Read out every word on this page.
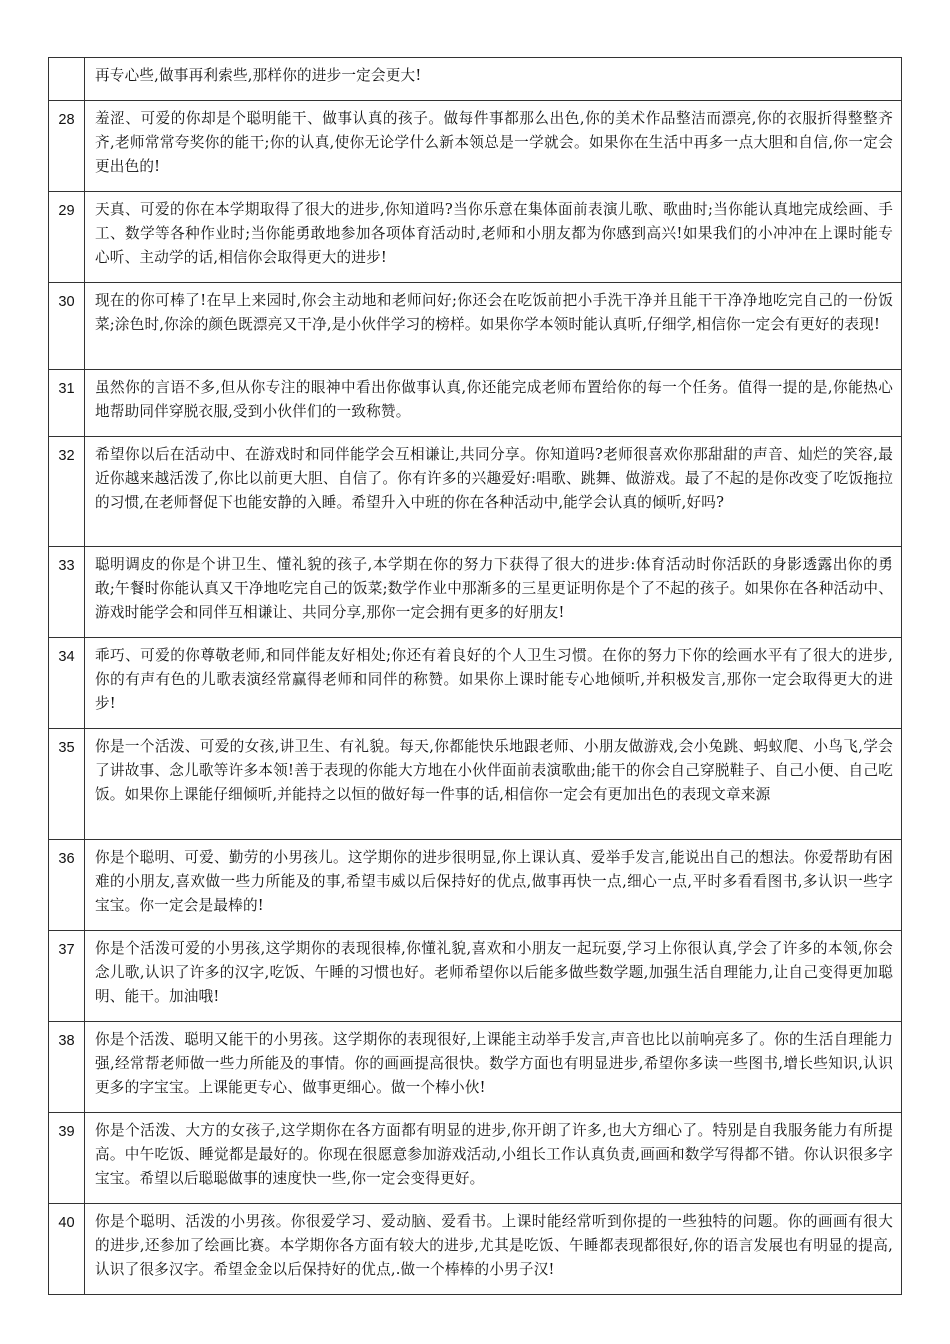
	再专心些,做事再利索些,那样你的进步一定会更大!
28	羞涩、可爱的你却是个聪明能干、做事认真的孩子。做每件事都那么出色,你的美术作品整洁而漂亮,你的衣服折得整整齐齐,老师常常夸奖你的能干;你的认真,使你无论学什么新本领总是一学就会。如果你在生活中再多一点大胆和自信,你一定会更出色的!
29	天真、可爱的你在本学期取得了很大的进步,你知道吗?当你乐意在集体面前表演儿歌、歌曲时;当你能认真地完成绘画、手工、数学等各种作业时;当你能勇敢地参加各项体育活动时,老师和小朋友都为你感到高兴!如果我们的小冲冲在上课时能专心听、主动学的话,相信你会取得更大的进步!
30	现在的你可棒了!在早上来园时,你会主动地和老师问好;你还会在吃饭前把小手洗干净并且能干干净净地吃完自己的一份饭菜;涂色时,你涂的颜色既漂亮又干净,是小伙伴学习的榜样。如果你学本领时能认真听,仔细学,相信你一定会有更好的表现!
31	虽然你的言语不多,但从你专注的眼神中看出你做事认真,你还能完成老师布置给你的每一个任务。值得一提的是,你能热心地帮助同伴穿脱衣服,受到小伙伴们的一致称赞。
32	希望你以后在活动中、在游戏时和同伴能学会互相谦让,共同分享。你知道吗?老师很喜欢你那甜甜的声音、灿烂的笑容,最近你越来越活泼了,你比以前更大胆、自信了。你有许多的兴趣爱好:唱歌、跳舞、做游戏。最了不起的是你改变了吃饭拖拉的习惯,在老师督促下也能安静的入睡。希望升入中班的你在各种活动中,能学会认真的倾听,好吗?
33	聪明调皮的你是个讲卫生、懂礼貌的孩子,本学期在你的努力下获得了很大的进步:体育活动时你活跃的身影透露出你的勇敢;午餐时你能认真又干净地吃完自己的饭菜;数学作业中那渐多的三星更证明你是个了不起的孩子。如果你在各种活动中、游戏时能学会和同伴互相谦让、共同分享,那你一定会拥有更多的好朋友!
34	乖巧、可爱的你尊敬老师,和同伴能友好相处;你还有着良好的个人卫生习惯。在你的努力下你的绘画水平有了很大的进步,你的有声有色的儿歌表演经常赢得老师和同伴的称赞。如果你上课时能专心地倾听,并积极发言,那你一定会取得更大的进步!
35	你是一个活泼、可爱的女孩,讲卫生、有礼貌。每天,你都能快乐地跟老师、小朋友做游戏,会小兔跳、蚂蚁爬、小鸟飞,学会了讲故事、念儿歌等许多本领!善于表现的你能大方地在小伙伴面前表演歌曲;能干的你会自己穿脱鞋子、自己小便、自己吃饭。如果你上课能仔细倾听,并能持之以恒的做好每一件事的话,相信你一定会有更加出色的表现文章来源
36	你是个聪明、可爱、勤劳的小男孩儿。这学期你的进步很明显,你上课认真、爱举手发言,能说出自己的想法。你爱帮助有困难的小朋友,喜欢做一些力所能及的事,希望韦威以后保持好的优点,做事再快一点,细心一点,平时多看看图书,多认识一些字宝宝。你一定会是最棒的!
37	你是个活泼可爱的小男孩,这学期你的表现很棒,你懂礼貌,喜欢和小朋友一起玩耍,学习上你很认真,学会了许多的本领,你会念儿歌,认识了许多的汉字,吃饭、午睡的习惯也好。老师希望你以后能多做些数学题,加强生活自理能力,让自己变得更加聪明、能干。加油哦!
38	你是个活泼、聪明又能干的小男孩。这学期你的表现很好,上课能主动举手发言,声音也比以前响亮多了。你的生活自理能力强,经常帮老师做一些力所能及的事情。你的画画提高很快。数学方面也有明显进步,希望你多读一些图书,增长些知识,认识更多的字宝宝。上课能更专心、做事更细心。做一个棒小伙!
39	你是个活泼、大方的女孩子,这学期你在各方面都有明显的进步,你开朗了许多,也大方细心了。特别是自我服务能力有所提高。中午吃饭、睡觉都是最好的。你现在很愿意参加游戏活动,小组长工作认真负责,画画和数学写得都不错。你认识很多字宝宝。希望以后聪聪做事的速度快一些,你一定会变得更好。
40	你是个聪明、活泼的小男孩。你很爱学习、爱动脑、爱看书。上课时能经常听到你提的一些独特的问题。你的画画有很大的进步,还参加了绘画比赛。本学期你各方面有较大的进步,尤其是吃饭、午睡都表现都很好,你的语言发展也有明显的提高,认识了很多汉字。希望金金以后保持好的优点,.做一个棒棒的小男子汉!
